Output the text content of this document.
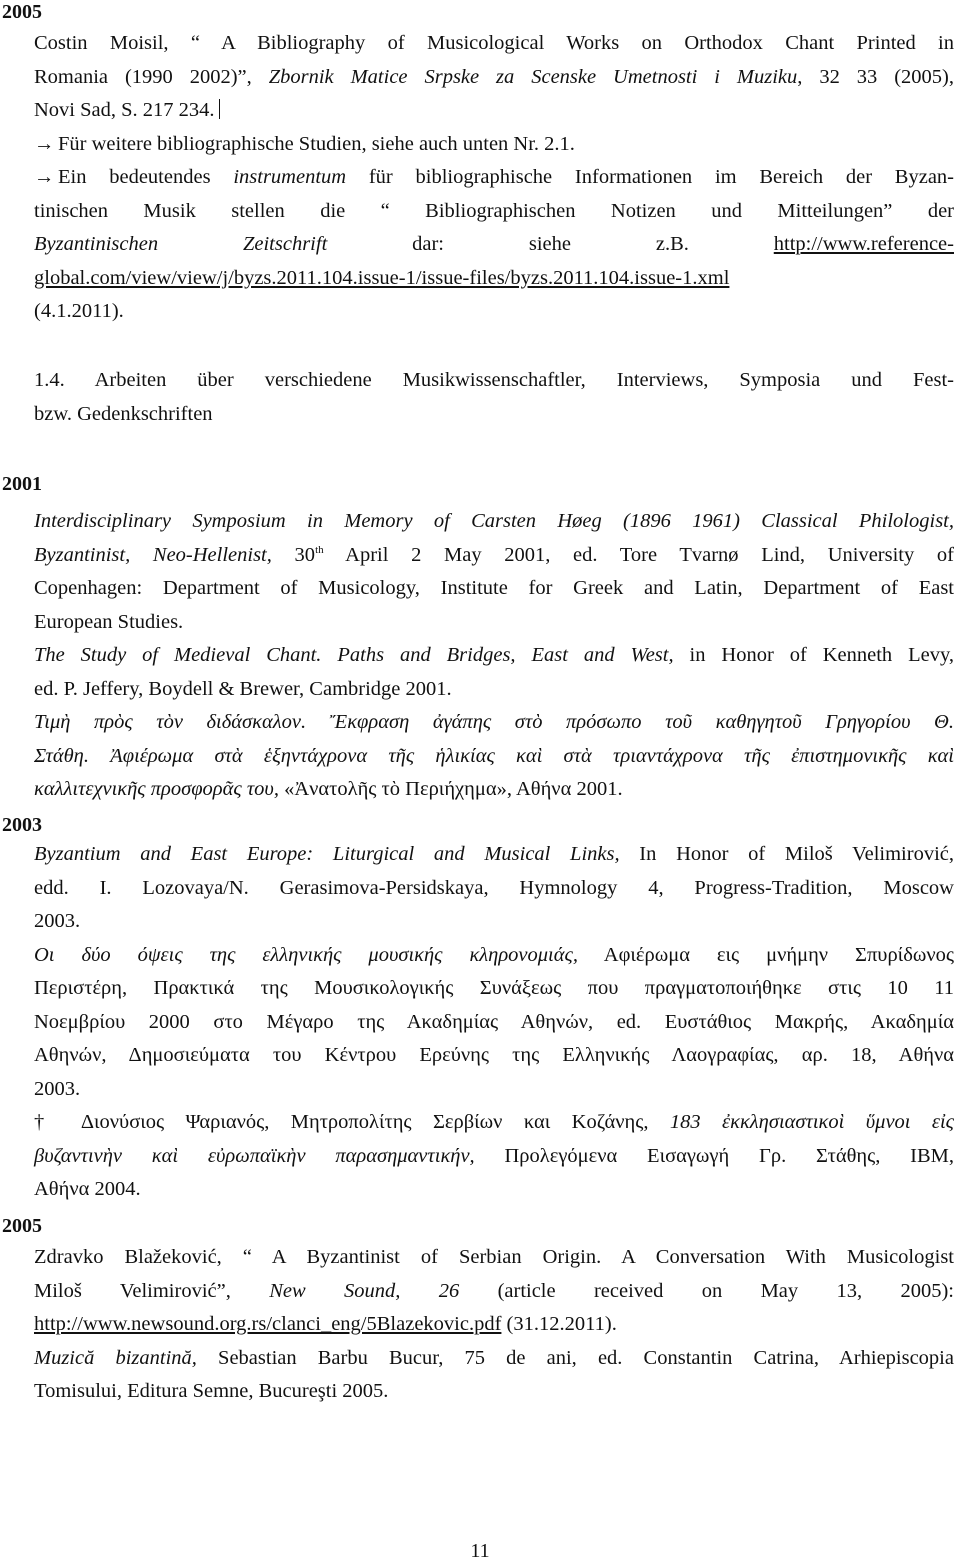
2005
Costin Moisil, “ A Bibliography of Musicological Works on Orthodox Chant Printed in
Romania (1990 2002)”, Zbornik Matice Srpske za Scenske Umetnosti i Muziku, 32 33 (2005),
Novi Sad, S. 217 234.
→ Für weitere bibliographische Studien, siehe auch unten Nr. 2.1.
→ Ein bedeutendes instrumentum für bibliographische Informationen im Bereich der Byzan-
tinischen Musik stellen die “ Bibliographischen Notizen und Mitteilungen” der
Byzantinischen Zeitschrift dar: siehe z.B. http://www.reference-
global.com/view/view/j/byzs.2011.104.issue-1/issue-files/byzs.2011.104.issue-1.xml
(4.1.2011).
1.4. Arbeiten über verschiedene Musikwissenschaftler, Interviews, Symposia und Fest-
bzw. Gedenkschriften
2001
Interdisciplinary Symposium in Memory of Carsten Høeg (1896 1961) Classical Philologist,
Byzantinist, Neo-Hellenist, 30th April 2 May 2001, ed. Tore Tvarnø Lind, University of
Copenhagen: Department of Musicology, Institute for Greek and Latin, Department of East
European Studies.
The Study of Medieval Chant. Paths and Bridges, East and West, in Honor of Kenneth Levy,
ed. P. Jeffery, Boydell & Brewer, Cambridge 2001.
Τιμὴ πρὸς τὸν διδάσκαλον. Ἔκφραση ἀγάπης στὸ πρόσωπο τοῦ καθηγητοῦ Γρηγορίου Θ.
Στάθη. Ἀφιέρωμα στὰ ἑξηντάχρονα τῆς ἡλικίας καὶ στὰ τριαντάχρονα τῆς ἐπιστημονικῆς καὶ
καλλιτεχνικῆς προσφορᾶς του, «Ἀνατολῆς τὸ Περιήχημα», Αθήνα 2001.
2003
Byzantium and East Europe: Liturgical and Musical Links, In Honor of Miloš Velimirović,
edd. I. Lozovaya/N. Gerasimova-Persidskaya, Hymnology 4, Progress-Tradition, Moscow
2003.
Οι δύο όψεις της ελληνικής μουσικής κληρονομιάς, Αφιέρωμα εις μνήμην Σπυρίδωνος
Περιστέρη, Πρακτικά της Μουσικολογικής Συνάξεως που πραγματοποιήθηκε στις 10 11
Νοεμβρίου 2000 στο Μέγαρο της Ακαδημίας Αθηνών, ed. Ευστάθιος Μακρής, Ακαδημία
Αθηνών, Δημοσιεύματα του Κέντρου Ερεύνης της Ελληνικής Λαογραφίας, αρ. 18, Αθήνα
2003.
† Διονύσιος Ψαριανός, Μητροπολίτης Σερβίων και Κοζάνης, 183 ἐκκλησιαστικοὶ ὕμνοι εἰς
βυζαντινὴν καὶ εὐρωπαϊκὴν παρασημαντικήν, Προλεγόμενα Εισαγωγή Γρ. Στάθης, ΙΒΜ,
Αθήνα 2004.
2005
Zdravko Blažeković, “ A Byzantinist of Serbian Origin. A Conversation With Musicologist
Miloš Velimirović”, New Sound, 26 (article received on May 13, 2005):
http://www.newsound.org.rs/clanci_eng/5Blazekovic.pdf (31.12.2011).
Muzică bizantină, Sebastian Barbu Bucur, 75 de ani, ed. Constantin Catrina, Arhiepiscopia
Tomisului, Editura Semne, Bucureşti 2005.
11
